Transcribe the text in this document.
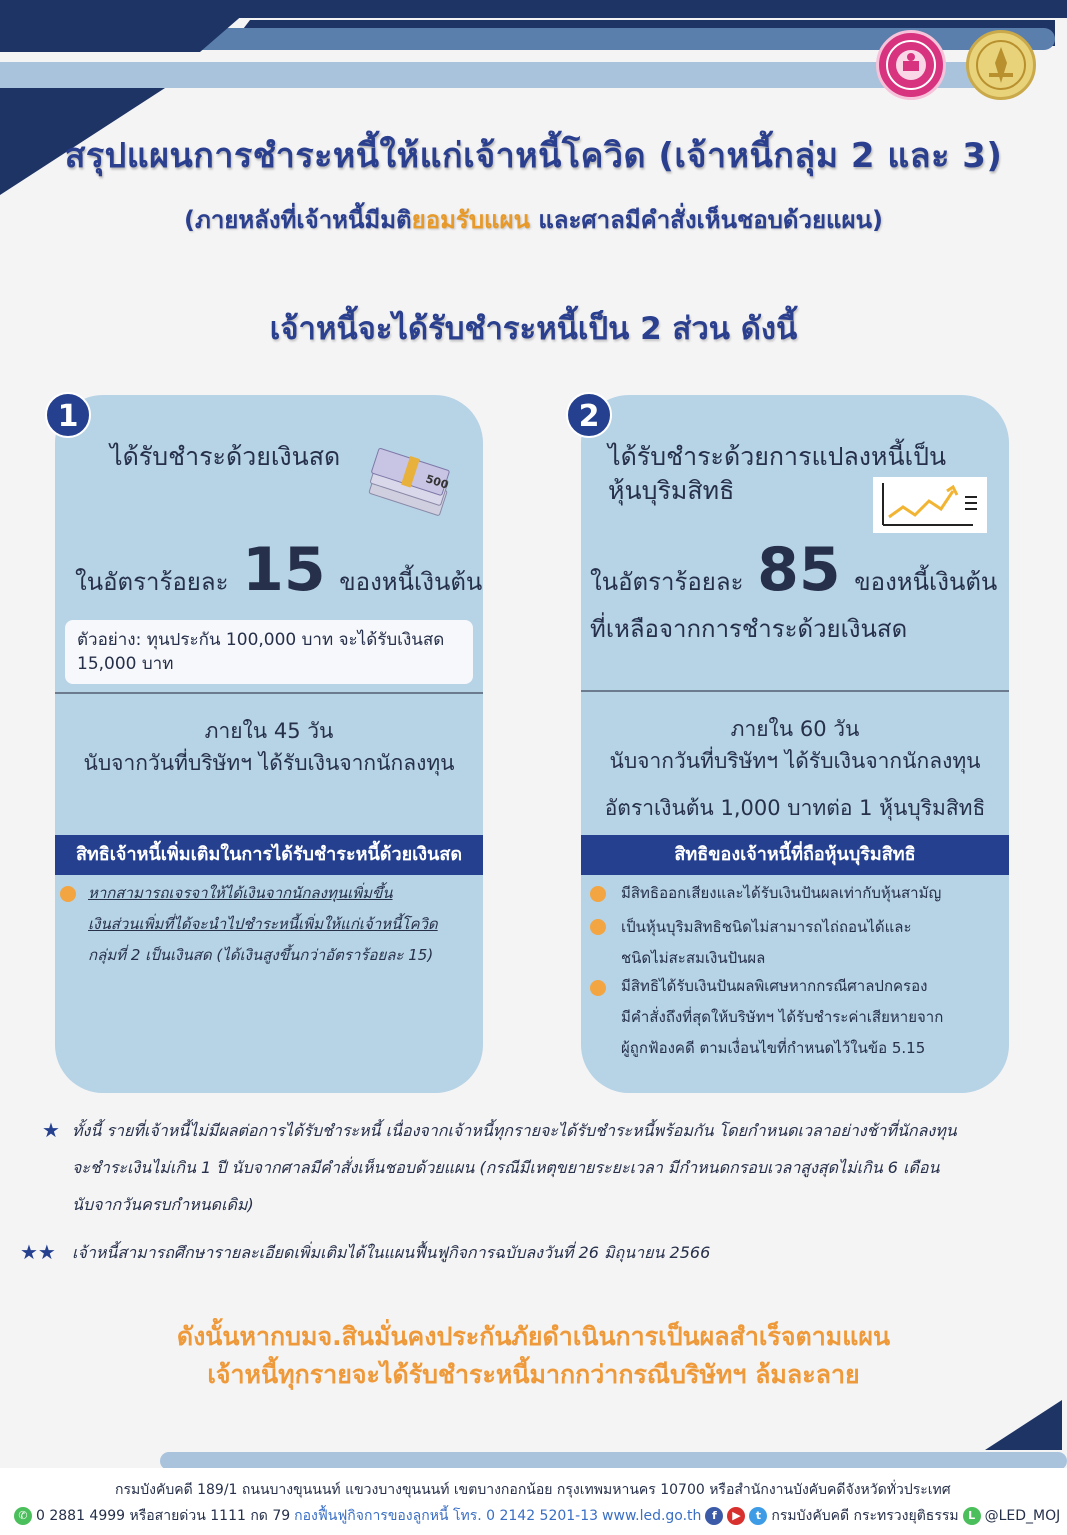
สรุปแผนการชำระหนี้ให้แก่เจ้าหนี้โควิด (เจ้าหนี้กลุ่ม 2 และ 3)
(ภายหลังที่เจ้าหนี้มีมติยอมรับแผน และศาลมีคำสั่งเห็นชอบด้วยแผน)
เจ้าหนี้จะได้รับชำระหนี้เป็น 2 ส่วน ดังนี้
ได้รับชำระด้วยเงินสด
500
ในอัตราร้อยละ 15 ของหนี้เงินต้น
ตัวอย่าง: ทุนประกัน 100,000 บาท จะได้รับเงินสด
15,000 บาท
ภายใน 45 วัน
นับจากวันที่บริษัทฯ ได้รับเงินจากนักลงทุน
สิทธิเจ้าหนี้เพิ่มเติมในการได้รับชำระหนี้ด้วยเงินสด
หากสามารถเจรจาให้ได้เงินจากนักลงทุนเพิ่มขึ้น
เงินส่วนเพิ่มที่ได้จะนำไปชำระหนี้เพิ่มให้แก่เจ้าหนี้โควิด
กลุ่มที่ 2 เป็นเงินสด (ได้เงินสูงขึ้นกว่าอัตราร้อยละ 15)
1
ได้รับชำระด้วยการแปลงหนี้เป็น
หุ้นบุริมสิทธิ
ในอัตราร้อยละ 85 ของหนี้เงินต้น
ที่เหลือจากการชำระด้วยเงินสด
ภายใน 60 วัน
นับจากวันที่บริษัทฯ ได้รับเงินจากนักลงทุน
อัตราเงินต้น 1,000 บาทต่อ 1 หุ้นบุริมสิทธิ
สิทธิของเจ้าหนี้ที่ถือหุ้นบุริมสิทธิ
มีสิทธิออกเสียงและได้รับเงินปันผลเท่ากับหุ้นสามัญ
เป็นหุ้นบุริมสิทธิชนิดไม่สามารถไถ่ถอนได้และ
ชนิดไม่สะสมเงินปันผล
มีสิทธิได้รับเงินปันผลพิเศษหากกรณีศาลปกครอง
มีคำสั่งถึงที่สุดให้บริษัทฯ ได้รับชำระค่าเสียหายจาก
ผู้ถูกฟ้องคดี ตามเงื่อนไขที่กำหนดไว้ในข้อ 5.15
2
★ ทั้งนี้ รายที่เจ้าหนี้ไม่มีผลต่อการได้รับชำระหนี้ เนื่องจากเจ้าหนี้ทุกรายจะได้รับชำระหนี้พร้อมกัน โดยกำหนดเวลาอย่างช้าที่นักลงทุน
จะชำระเงินไม่เกิน 1 ปี นับจากศาลมีคำสั่งเห็นชอบด้วยแผน (กรณีมีเหตุขยายระยะเวลา มีกำหนดกรอบเวลาสูงสุดไม่เกิน 6 เดือน
นับจากวันครบกำหนดเดิม)
★★ เจ้าหนี้สามารถศึกษารายละเอียดเพิ่มเติมได้ในแผนฟื้นฟูกิจการฉบับลงวันที่ 26 มิถุนายน 2566
ดังนั้นหากบมจ.สินมั่นคงประกันภัยดำเนินการเป็นผลสำเร็จตามแผน
เจ้าหนี้ทุกรายจะได้รับชำระหนี้มากกว่ากรณีบริษัทฯ ล้มละลาย
กรมบังคับคดี 189/1 ถนนบางขุนนนท์ แขวงบางขุนนนท์ เขตบางกอกน้อย กรุงเทพมหานคร 10700 หรือสำนักงานบังคับคดีจังหวัดทั่วประเทศ
✆ 0 2881 4999 หรือสายด่วน 1111 กด 79 กองฟื้นฟูกิจการของลูกหนี้ โทร. 0 2142 5201-13 www.led.go.th f	▶	t กรมบังคับคดี กระทรวงยุติธรรม L @LED_MOJ
